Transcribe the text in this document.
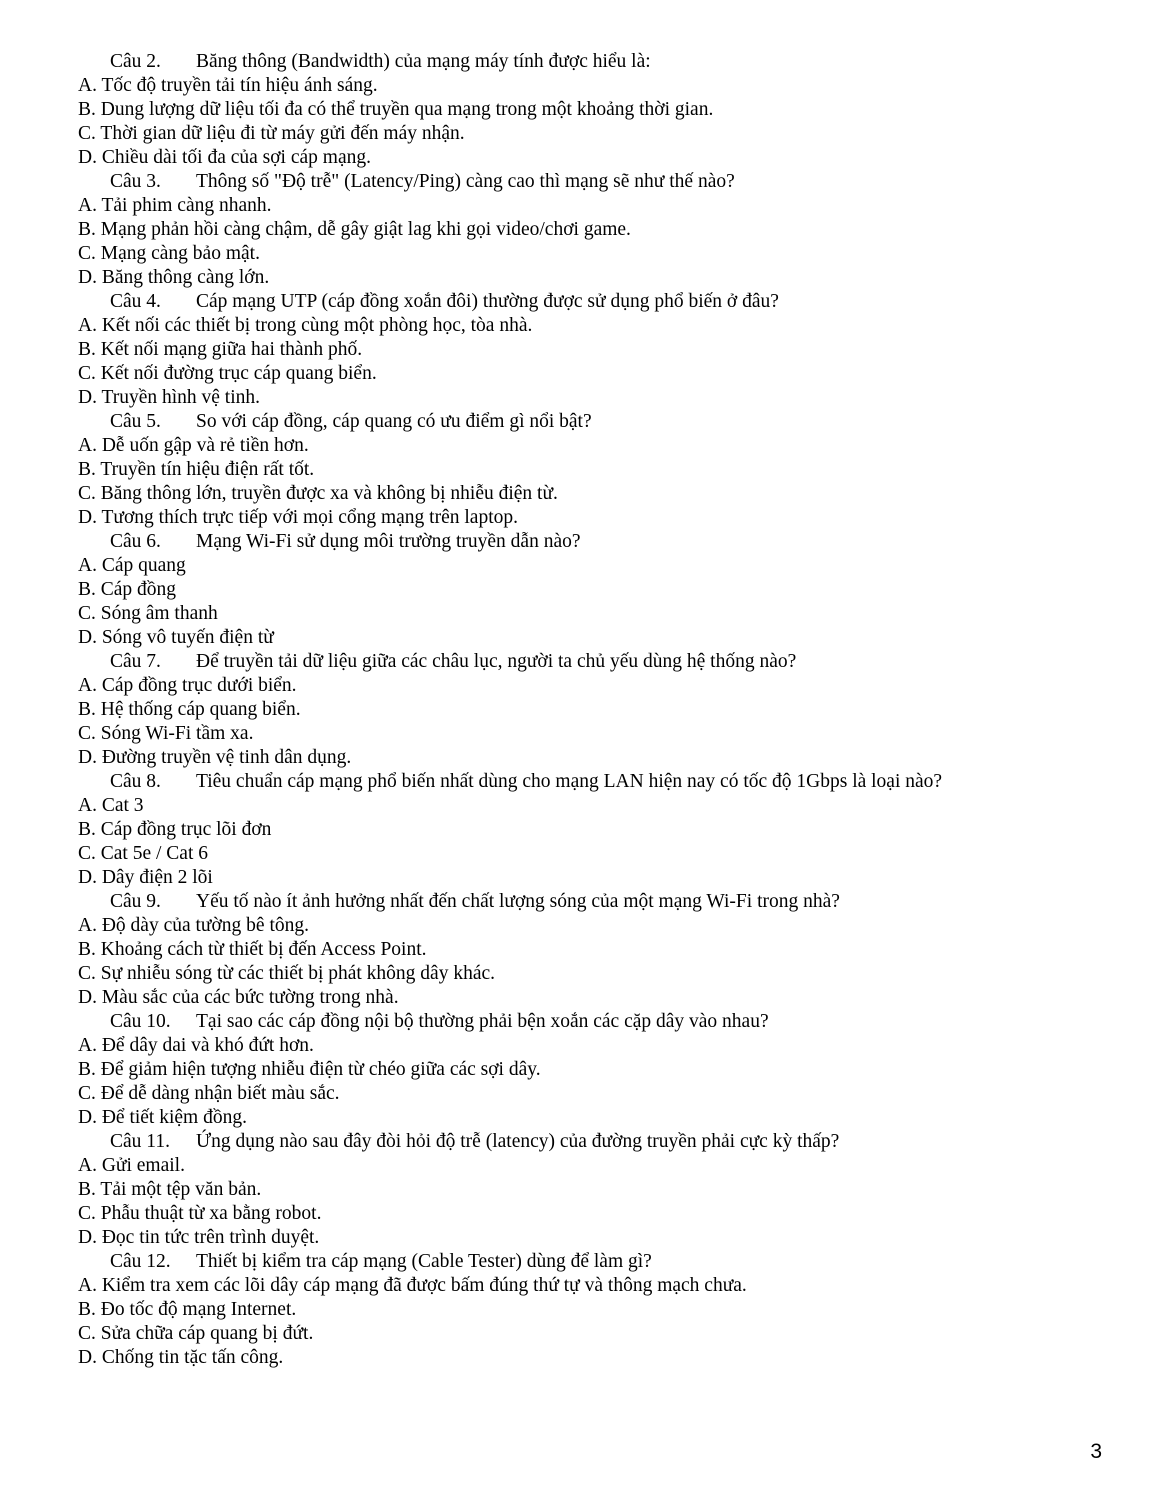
Câu 2. Băng thông (Bandwidth) của mạng máy tính được hiểu là:
A. Tốc độ truyền tải tín hiệu ánh sáng.
B. Dung lượng dữ liệu tối đa có thể truyền qua mạng trong một khoảng thời gian.
C. Thời gian dữ liệu đi từ máy gửi đến máy nhận.
D. Chiều dài tối đa của sợi cáp mạng.
Câu 3. Thông số "Độ trễ" (Latency/Ping) càng cao thì mạng sẽ như thế nào?
A. Tải phim càng nhanh.
B. Mạng phản hồi càng chậm, dễ gây giật lag khi gọi video/chơi game.
C. Mạng càng bảo mật.
D. Băng thông càng lớn.
Câu 4. Cáp mạng UTP (cáp đồng xoắn đôi) thường được sử dụng phổ biến ở đâu?
A. Kết nối các thiết bị trong cùng một phòng học, tòa nhà.
B. Kết nối mạng giữa hai thành phố.
C. Kết nối đường trục cáp quang biển.
D. Truyền hình vệ tinh.
Câu 5. So với cáp đồng, cáp quang có ưu điểm gì nổi bật?
A. Dễ uốn gập và rẻ tiền hơn.
B. Truyền tín hiệu điện rất tốt.
C. Băng thông lớn, truyền được xa và không bị nhiễu điện từ.
D. Tương thích trực tiếp với mọi cổng mạng trên laptop.
Câu 6. Mạng Wi-Fi sử dụng môi trường truyền dẫn nào?
A. Cáp quang
B. Cáp đồng
C. Sóng âm thanh
D. Sóng vô tuyến điện từ
Câu 7. Để truyền tải dữ liệu giữa các châu lục, người ta chủ yếu dùng hệ thống nào?
A. Cáp đồng trục dưới biển.
B. Hệ thống cáp quang biển.
C. Sóng Wi-Fi tầm xa.
D. Đường truyền vệ tinh dân dụng.
Câu 8. Tiêu chuẩn cáp mạng phổ biến nhất dùng cho mạng LAN hiện nay có tốc độ 1Gbps là loại nào?
A. Cat 3
B. Cáp đồng trục lõi đơn
C. Cat 5e / Cat 6
D. Dây điện 2 lõi
Câu 9. Yếu tố nào ít ảnh hưởng nhất đến chất lượng sóng của một mạng Wi-Fi trong nhà?
A. Độ dày của tường bê tông.
B. Khoảng cách từ thiết bị đến Access Point.
C. Sự nhiễu sóng từ các thiết bị phát không dây khác.
D. Màu sắc của các bức tường trong nhà.
Câu 10. Tại sao các cáp đồng nội bộ thường phải bện xoắn các cặp dây vào nhau?
A. Để dây dai và khó đứt hơn.
B. Để giảm hiện tượng nhiễu điện từ chéo giữa các sợi dây.
C. Để dễ dàng nhận biết màu sắc.
D. Để tiết kiệm đồng.
Câu 11. Ứng dụng nào sau đây đòi hỏi độ trễ (latency) của đường truyền phải cực kỳ thấp?
A. Gửi email.
B. Tải một tệp văn bản.
C. Phẫu thuật từ xa bằng robot.
D. Đọc tin tức trên trình duyệt.
Câu 12. Thiết bị kiểm tra cáp mạng (Cable Tester) dùng để làm gì?
A. Kiểm tra xem các lõi dây cáp mạng đã được bấm đúng thứ tự và thông mạch chưa.
B. Đo tốc độ mạng Internet.
C. Sửa chữa cáp quang bị đứt.
D. Chống tin tặc tấn công.
3
